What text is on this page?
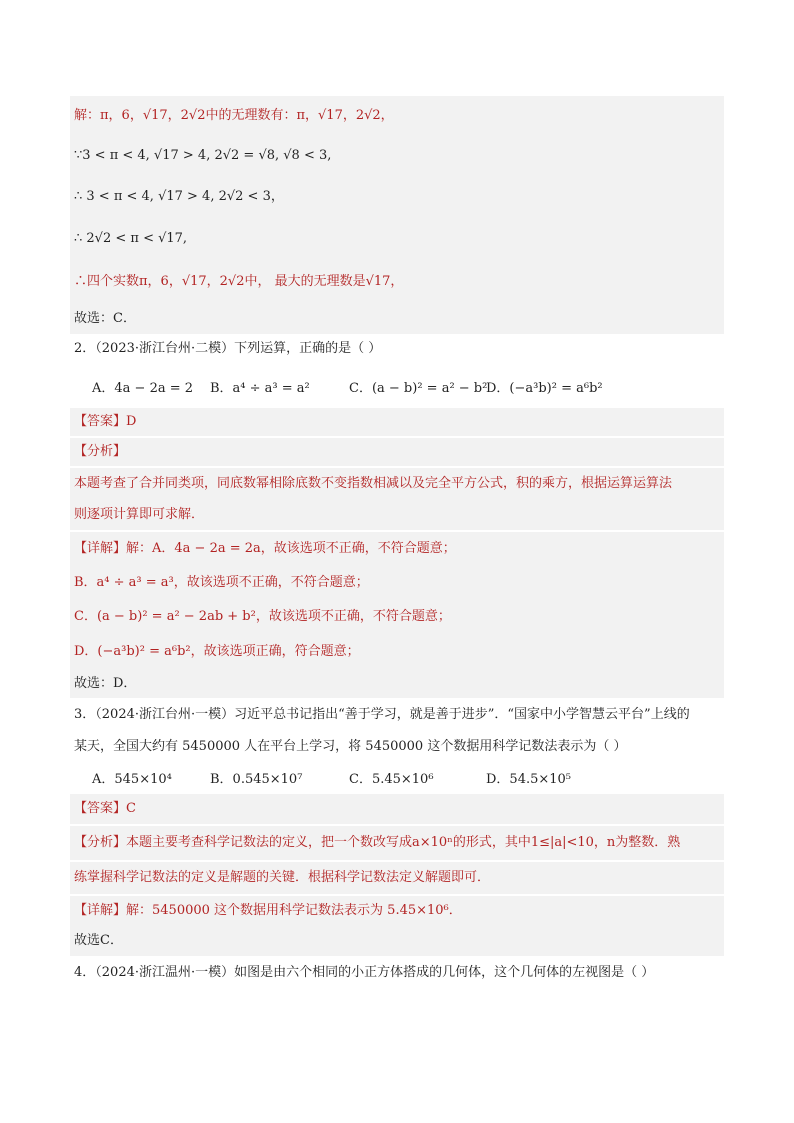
解：π，6，√17，2√2中的无理数有：π，√17，2√2，
∵3 < π < 4, √17 > 4, 2√2 = √8, √8 < 3,
∴ 3 < π < 4, √17 > 4, 2√2 < 3，
∴ 2√2 < π < √17,
∴四个实数π，6，√17，2√2中， 最大的无理数是√17，
故选：C．
2．（2023·浙江台州·二模）下列运算，正确的是（ ）
A．4a − 2a = 2 B．a⁴ ÷ a³ = a²	C．(a − b)² = a² − b²
D．(−a³b)² = a⁶b²
【答案】D
【分析】
本题考查了合并同类项，同底数幂相除底数不变指数相减以及完全平方公式，积的乘方，根据运算运算法
则逐项计算即可求解．
【详解】解：A．4a − 2a = 2a，故该选项不正确，不符合题意；
B．a⁴ ÷ a³ = a³，故该选项不正确，不符合题意；
C．(a − b)² = a² − 2ab + b²，故该选项不正确，不符合题意；
D．(−a³b)² = a⁶b²，故该选项正确，符合题意；
故选：D．
3．（2024·浙江台州·一模）习近平总书记指出“善于学习，就是善于进步”．“国家中小学智慧云平台”上线的
某天，全国大约有 5450000 人在平台上学习，将 5450000 这个数据用科学记数法表示为（ ）
A．545×10⁴	B．0.545×10⁷	C．5.45×10⁶	D．54.5×10⁵
【答案】C
【分析】本题主要考查科学记数法的定义，把一个数改写成a×10ⁿ的形式，其中1≤|a|<10，n为整数．熟
练掌握科学记数法的定义是解题的关键．根据科学记数法定义解题即可．
【详解】解：5450000 这个数据用科学记数法表示为 5.45×10⁶．
故选C．
4．（2024·浙江温州·一模）如图是由六个相同的小正方体搭成的几何体，这个几何体的左视图是（ ）
